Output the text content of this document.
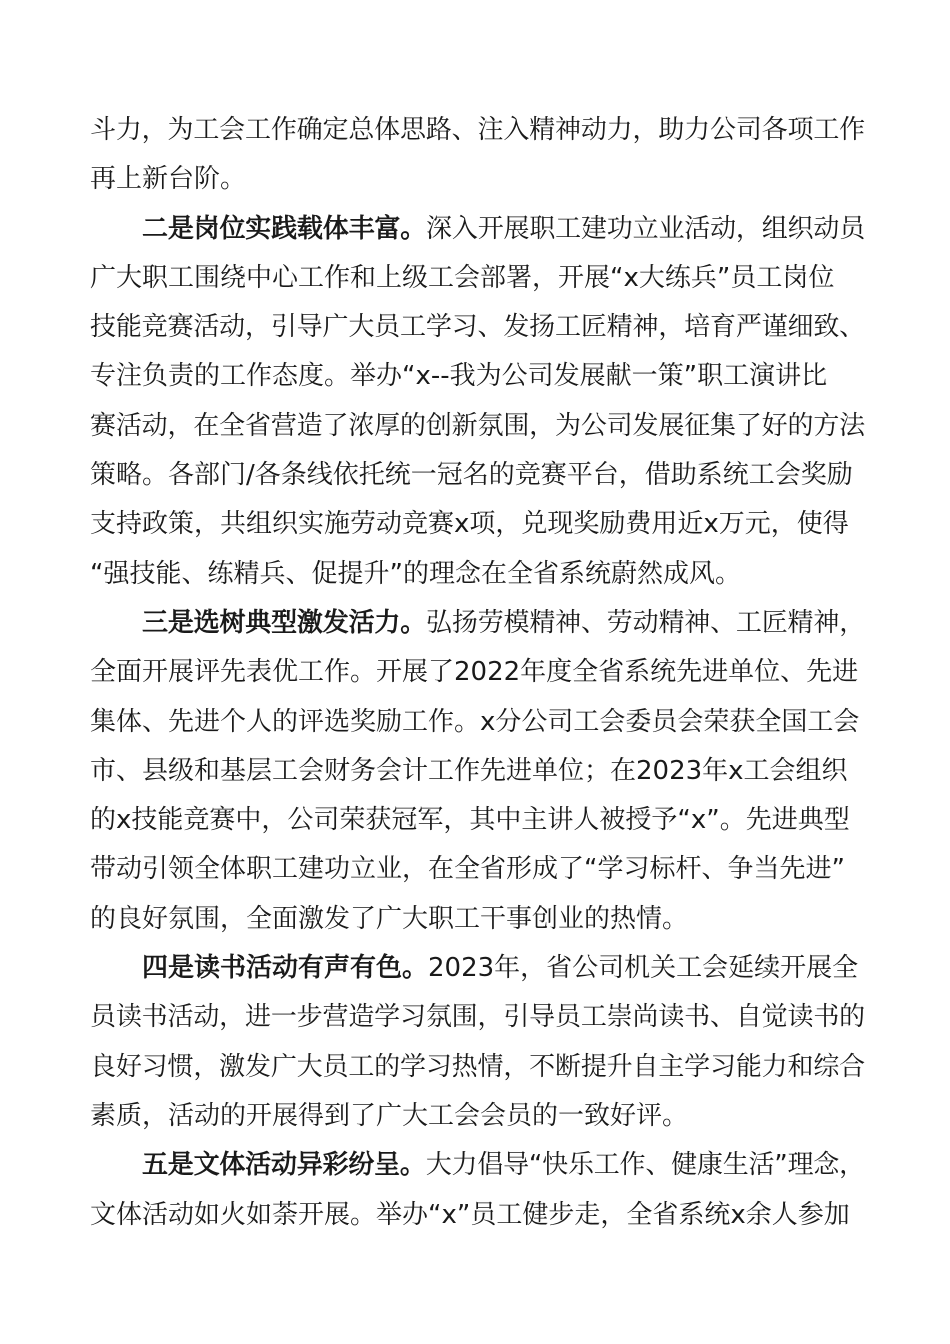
斗力，为工会工作确定总体思路、注入精神动力，助力公司各项工作
再上新台阶。
二是岗位实践载体丰富。深入开展职工建功立业活动，组织动员
广大职工围绕中心工作和上级工会部署，开展“x大练兵”员工岗位
技能竞赛活动，引导广大员工学习、发扬工匠精神，培育严谨细致、
专注负责的工作态度。举办“x--我为公司发展献一策”职工演讲比
赛活动，在全省营造了浓厚的创新氛围，为公司发展征集了好的方法
策略。各部门/各条线依托统一冠名的竞赛平台，借助系统工会奖励
支持政策，共组织实施劳动竞赛x项，兑现奖励费用近x万元，使得
“强技能、练精兵、促提升”的理念在全省系统蔚然成风。
三是选树典型激发活力。弘扬劳模精神、劳动精神、工匠精神，
全面开展评先表优工作。开展了2022年度全省系统先进单位、先进
集体、先进个人的评选奖励工作。x分公司工会委员会荣获全国工会
市、县级和基层工会财务会计工作先进单位；在2023年x工会组织
的x技能竞赛中，公司荣获冠军，其中主讲人被授予“x”。先进典型
带动引领全体职工建功立业，在全省形成了“学习标杆、争当先进”
的良好氛围，全面激发了广大职工干事创业的热情。
四是读书活动有声有色。2023年，省公司机关工会延续开展全
员读书活动，进一步营造学习氛围，引导员工崇尚读书、自觉读书的
良好习惯，激发广大员工的学习热情，不断提升自主学习能力和综合
素质，活动的开展得到了广大工会会员的一致好评。
五是文体活动异彩纷呈。大力倡导“快乐工作、健康生活”理念，
文体活动如火如荼开展。举办“x”员工健步走，全省系统x余人参加
